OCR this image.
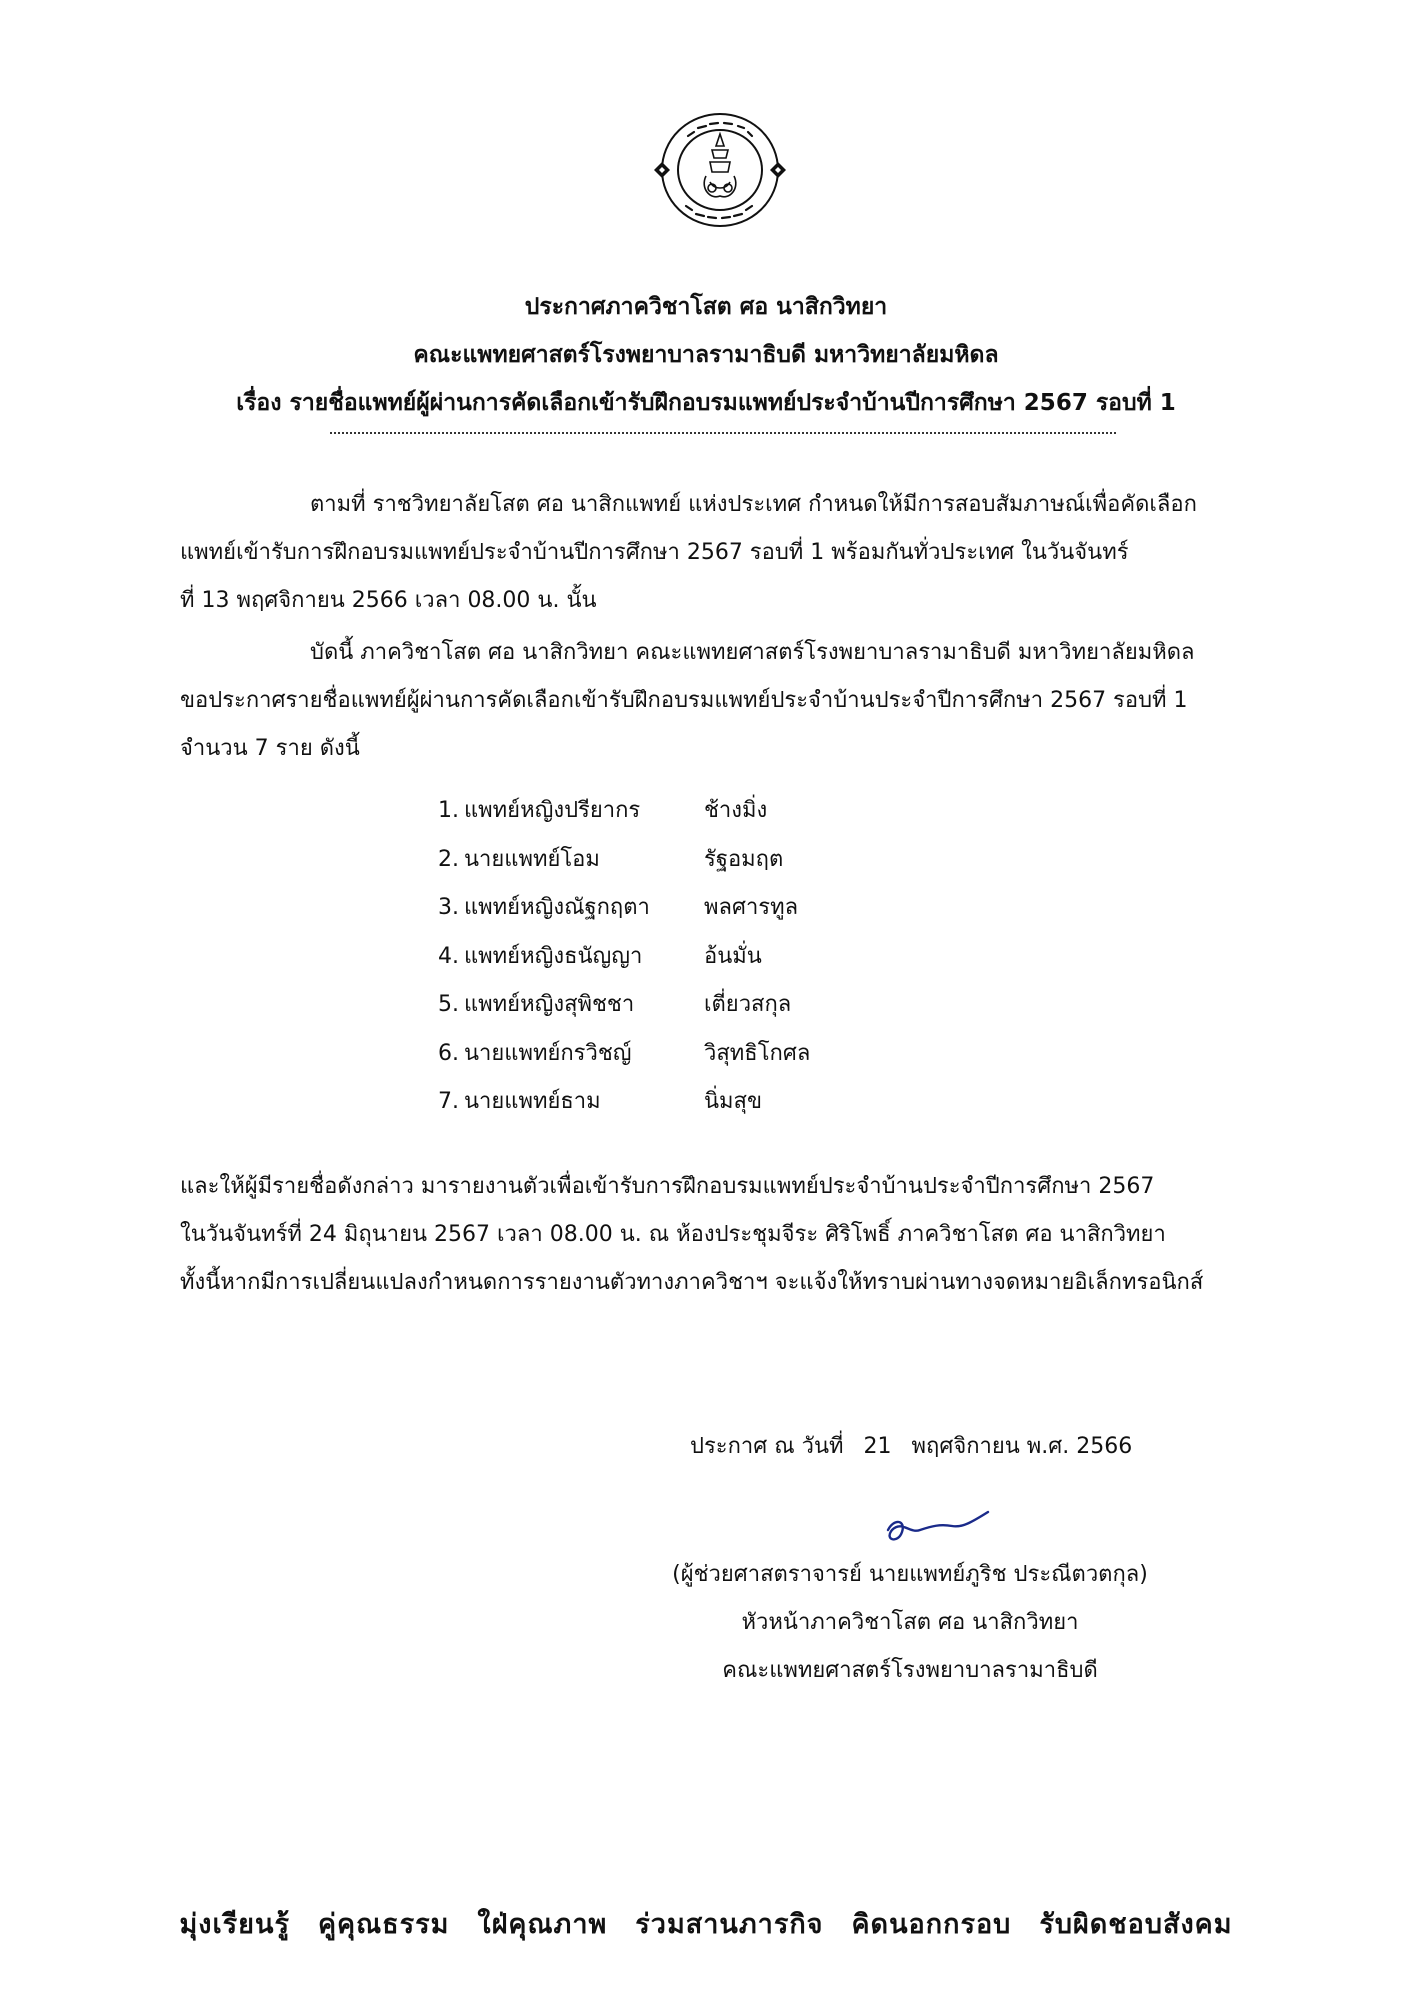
ประกาศภาควิชาโสต ศอ นาสิกวิทยา
คณะแพทยศาสตร์โรงพยาบาลรามาธิบดี มหาวิทยาลัยมหิดล
เรื่อง รายชื่อแพทย์ผู้ผ่านการคัดเลือกเข้ารับฝึกอบรมแพทย์ประจำบ้านปีการศึกษา 2567 รอบที่ 1
ตามที่ ราชวิทยาลัยโสต ศอ นาสิกแพทย์ แห่งประเทศ กำหนดให้มีการสอบสัมภาษณ์เพื่อคัดเลือก
แพทย์เข้ารับการฝึกอบรมแพทย์ประจำบ้านปีการศึกษา 2567 รอบที่ 1 พร้อมกันทั่วประเทศ ในวันจันทร์
ที่ 13 พฤศจิกายน 2566 เวลา 08.00 น. นั้น
บัดนี้ ภาควิชาโสต ศอ นาสิกวิทยา คณะแพทยศาสตร์โรงพยาบาลรามาธิบดี มหาวิทยาลัยมหิดล
ขอประกาศรายชื่อแพทย์ผู้ผ่านการคัดเลือกเข้ารับฝึกอบรมแพทย์ประจำบ้านประจำปีการศึกษา 2567 รอบที่ 1
จำนวน 7 ราย ดังนี้
1. แพทย์หญิงปรียากร	ช้างมิ่ง
2. นายแพทย์โอม	รัฐอมฤต
3. แพทย์หญิงณัฐกฤตา พลศารทูล
4. แพทย์หญิงธนัญญา	อ้นมั่น
5. แพทย์หญิงสุพิชชา	เตี่ยวสกุล
6. นายแพทย์กรวิชญ์	วิสุทธิโกศล
7. นายแพทย์ธาม	นิ่มสุข
และให้ผู้มีรายชื่อดังกล่าว มารายงานตัวเพื่อเข้ารับการฝึกอบรมแพทย์ประจำบ้านประจำปีการศึกษา 2567
ในวันจันทร์ที่ 24 มิถุนายน 2567 เวลา 08.00 น. ณ ห้องประชุมจีระ ศิริโพธิ์ ภาควิชาโสต ศอ นาสิกวิทยา
ทั้งนี้หากมีการเปลี่ยนแปลงกำหนดการรายงานตัวทางภาควิชาฯ จะแจ้งให้ทราบผ่านทางจดหมายอิเล็กทรอนิกส์
ประกาศ ณ วันที่ 21 พฤศจิกายน พ.ศ. 2566
(ผู้ช่วยศาสตราจารย์ นายแพทย์ภูริช ประณีตวตกุล)
หัวหน้าภาควิชาโสต ศอ นาสิกวิทยา
คณะแพทยศาสตร์โรงพยาบาลรามาธิบดี
มุ่งเรียนรู้ คู่คุณธรรม ใฝ่คุณภาพ ร่วมสานภารกิจ คิดนอกกรอบ รับผิดชอบสังคม
